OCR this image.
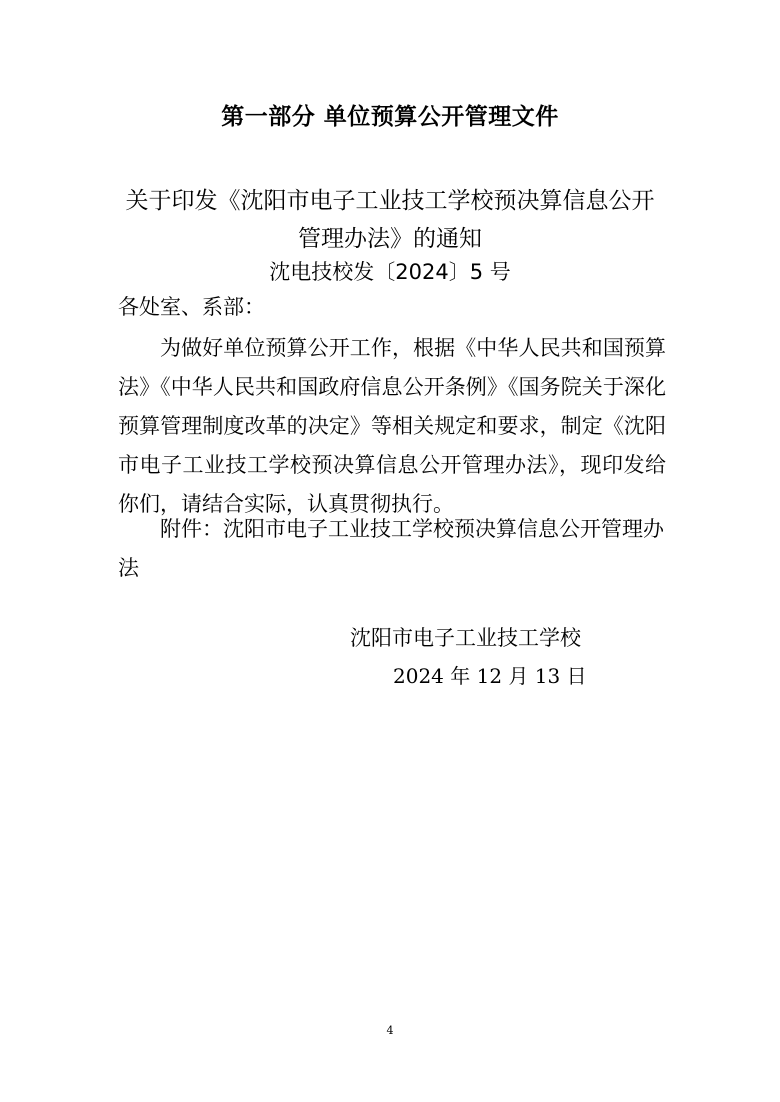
第一部分 单位预算公开管理文件
关于印发《沈阳市电子工业技工学校预决算信息公开
管理办法》的通知
沈电技校发〔2024〕5 号
各处室、系部：
为做好单位预算公开工作，根据《中华人民共和国预算法》《中华人民共和国政府信息公开条例》《国务院关于深化预算管理制度改革的决定》等相关规定和要求，制定《沈阳市电子工业技工学校预决算信息公开管理办法》，现印发给你们，请结合实际，认真贯彻执行。
附件：沈阳市电子工业技工学校预决算信息公开管理办法
沈阳市电子工业技工学校
2024 年 12 月 13 日
4
